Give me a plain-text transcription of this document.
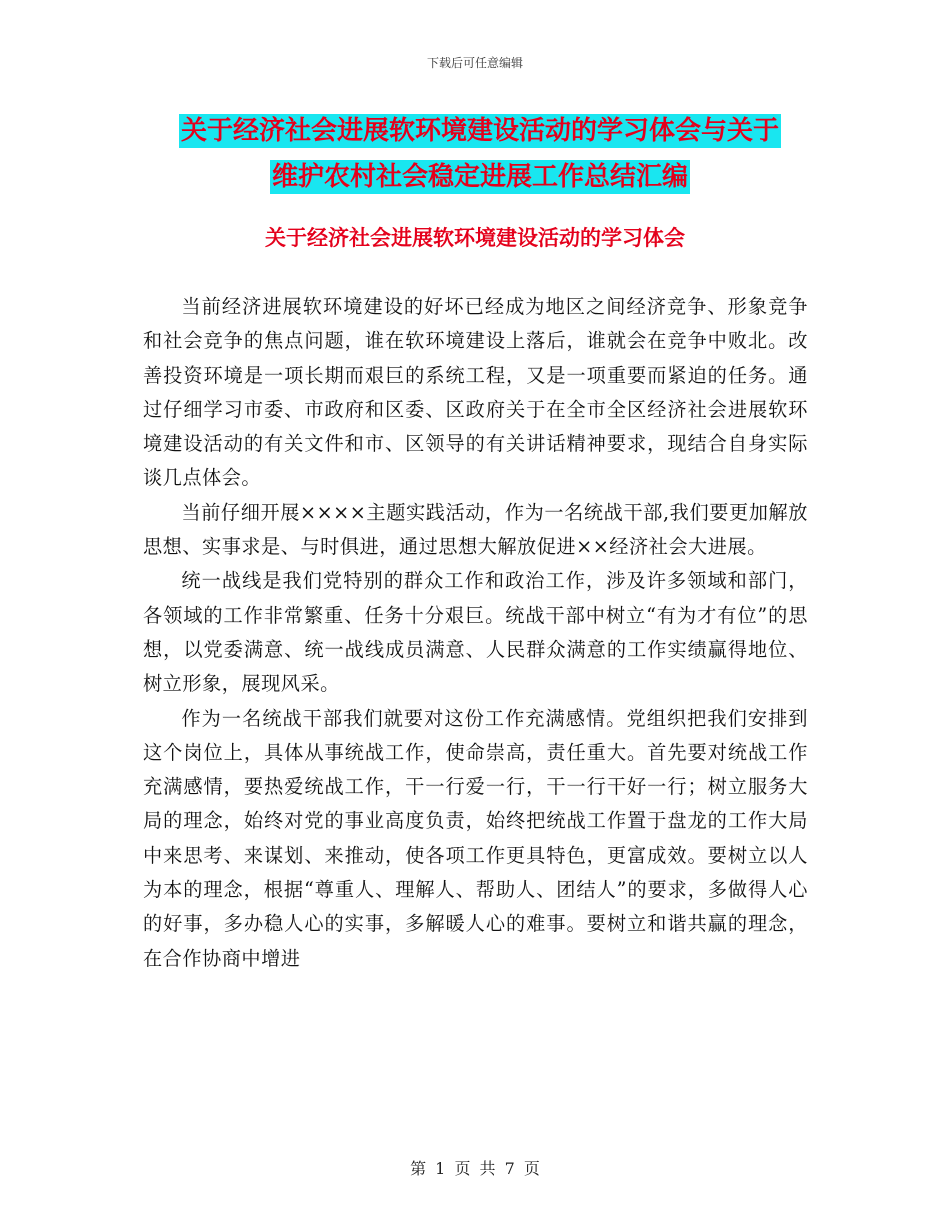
下载后可任意编辑
关于经济社会进展软环境建设活动的学习体会与关于
维护农村社会稳定进展工作总结汇编
关于经济社会进展软环境建设活动的学习体会

当前经济进展软环境建设的好坏已经成为地区之间经济竞争、形象竞争和社会竞争的焦点问题，谁在软环境建设上落后，谁就会在竞争中败北。改善投资环境是一项长期而艰巨的系统工程，又是一项重要而紧迫的任务。通过仔细学习市委、市政府和区委、区政府关于在全市全区经济社会进展软环境建设活动的有关文件和市、区领导的有关讲话精神要求，现结合自身实际谈几点体会。

当前仔细开展××××主题实践活动，作为一名统战干部,我们要更加解放思想、实事求是、与时俱进，通过思想大解放促进××经济社会大进展。

统一战线是我们党特别的群众工作和政治工作，涉及许多领域和部门，各领域的工作非常繁重、任务十分艰巨。统战干部中树立“有为才有位”的思想，以党委满意、统一战线成员满意、人民群众满意的工作实绩赢得地位、树立形象，展现风采。

作为一名统战干部我们就要对这份工作充满感情。党组织把我们安排到这个岗位上，具体从事统战工作，使命崇高，责任重大。首先要对统战工作充满感情，要热爱统战工作，干一行爱一行，干一行干好一行；树立服务大局的理念，始终对党的事业高度负责，始终把统战工作置于盘龙的工作大局中来思考、来谋划、来推动，使各项工作更具特色，更富成效。要树立以人为本的理念，根据“尊重人、理解人、帮助人、团结人”的要求，多做得人心的好事，多办稳人心的实事，多解暖人心的难事。要树立和谐共赢的理念，在合作协商中增进

第 1 页 共 7 页
